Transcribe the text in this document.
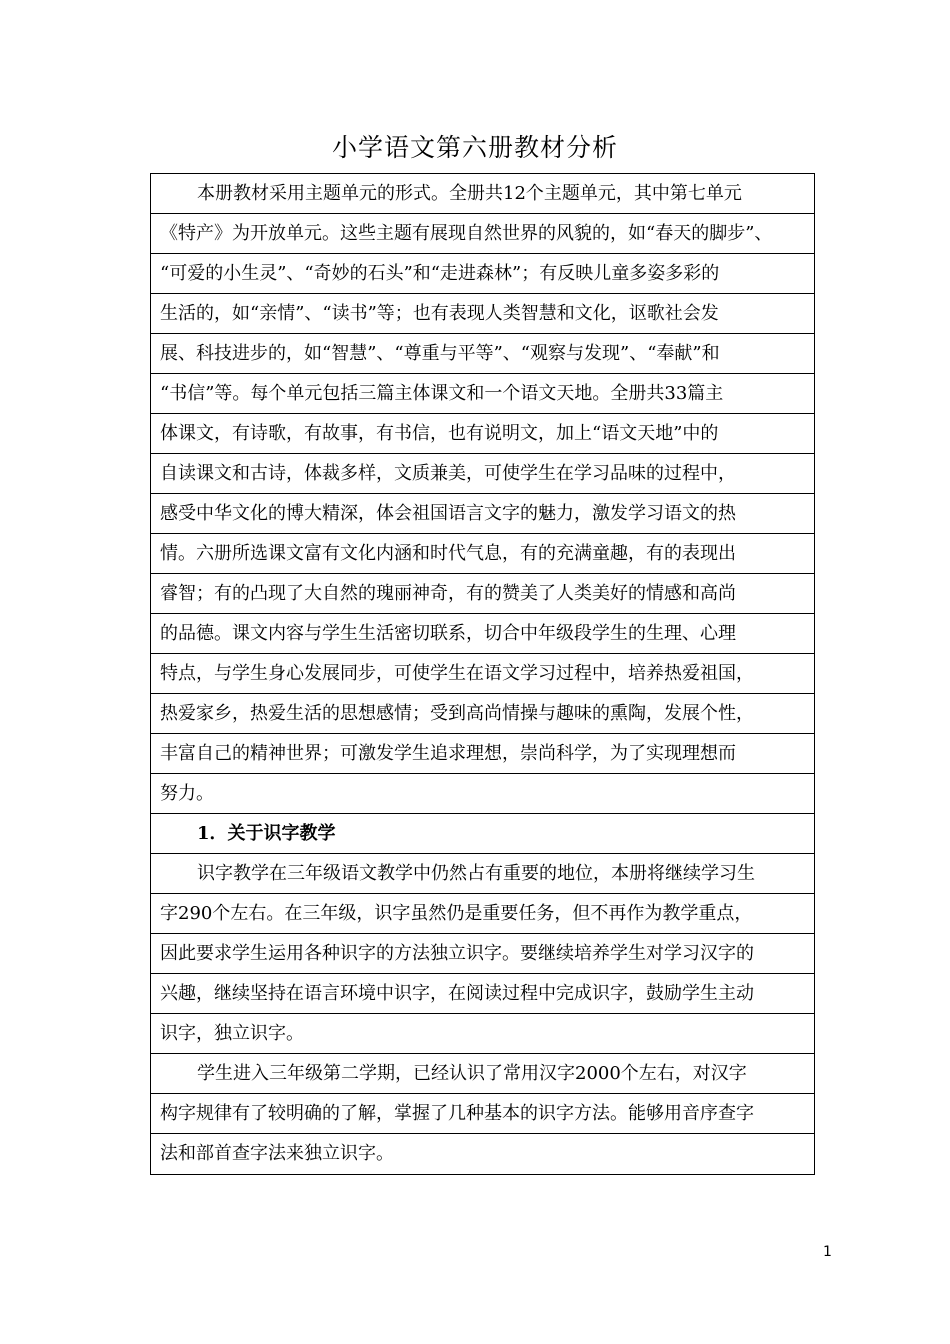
小学语文第六册教材分析
本册教材采用主题单元的形式。全册共12个主题单元，其中第七单元
《特产》为开放单元。这些主题有展现自然世界的风貌的，如“春天的脚步”、
“可爱的小生灵”、“奇妙的石头”和“走进森林”；有反映儿童多姿多彩的
生活的，如“亲情”、“读书”等；也有表现人类智慧和文化，讴歌社会发
展、科技进步的，如“智慧”、“尊重与平等”、“观察与发现”、“奉献”和
“书信”等。每个单元包括三篇主体课文和一个语文天地。全册共33篇主
体课文，有诗歌，有故事，有书信，也有说明文，加上“语文天地”中的
自读课文和古诗，体裁多样，文质兼美，可使学生在学习品味的过程中，
感受中华文化的博大精深，体会祖国语言文字的魅力，激发学习语文的热
情。六册所选课文富有文化内涵和时代气息，有的充满童趣，有的表现出
睿智；有的凸现了大自然的瑰丽神奇，有的赞美了人类美好的情感和高尚
的品德。课文内容与学生生活密切联系，切合中年级段学生的生理、心理
特点，与学生身心发展同步，可使学生在语文学习过程中，培养热爱祖国，
热爱家乡，热爱生活的思想感情；受到高尚情操与趣味的熏陶，发展个性，
丰富自己的精神世界；可激发学生追求理想，崇尚科学，为了实现理想而
努力。
1．关于识字教学
识字教学在三年级语文教学中仍然占有重要的地位，本册将继续学习生
字290个左右。在三年级，识字虽然仍是重要任务，但不再作为教学重点，
因此要求学生运用各种识字的方法独立识字。要继续培养学生对学习汉字的
兴趣，继续坚持在语言环境中识字，在阅读过程中完成识字，鼓励学生主动
识字，独立识字。
学生进入三年级第二学期，已经认识了常用汉字2000个左右，对汉字
构字规律有了较明确的了解，掌握了几种基本的识字方法。能够用音序查字
法和部首查字法来独立识字。
1
